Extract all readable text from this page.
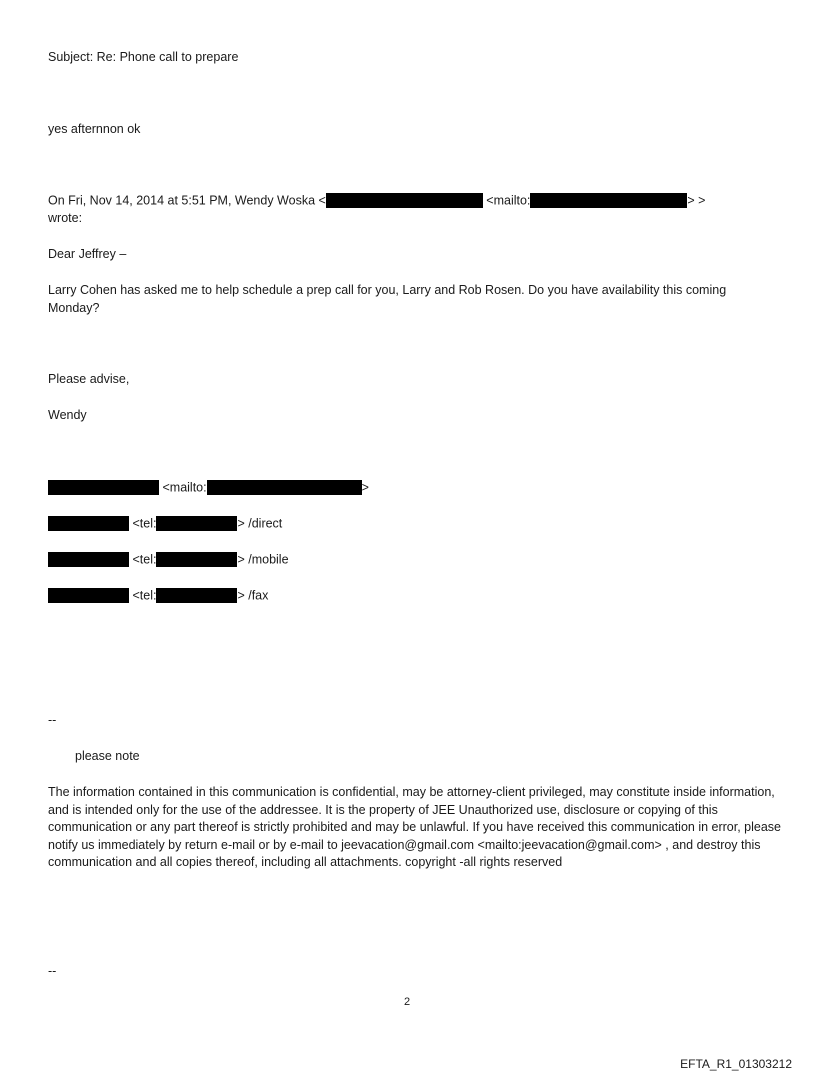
Subject: Re: Phone call to prepare
yes afternnon ok
On Fri, Nov 14, 2014 at 5:51 PM, Wendy Woska <	<mailto:	> >
wrote:
Dear Jeffrey –
Larry Cohen has asked me to help schedule a prep call for you, Larry and Rob Rosen. Do you have availability this coming Monday?
Please advise,
Wendy
<mailto:	>
<tel:	> /direct
<tel:	> /mobile
<tel:	> /fax
--
please note
The information contained in this communication is confidential, may be attorney-client privileged, may constitute inside information, and is intended only for the use of the addressee. It is the property of JEE Unauthorized use, disclosure or copying of this communication or any part thereof is strictly prohibited and may be unlawful. If you have received this communication in error, please notify us immediately by return e-mail or by e-mail to jeevacation@gmail.com <mailto:jeevacation@gmail.com> , and destroy this communication and all copies thereof, including all attachments. copyright -all rights reserved
--
2
EFTA_R1_01303212
